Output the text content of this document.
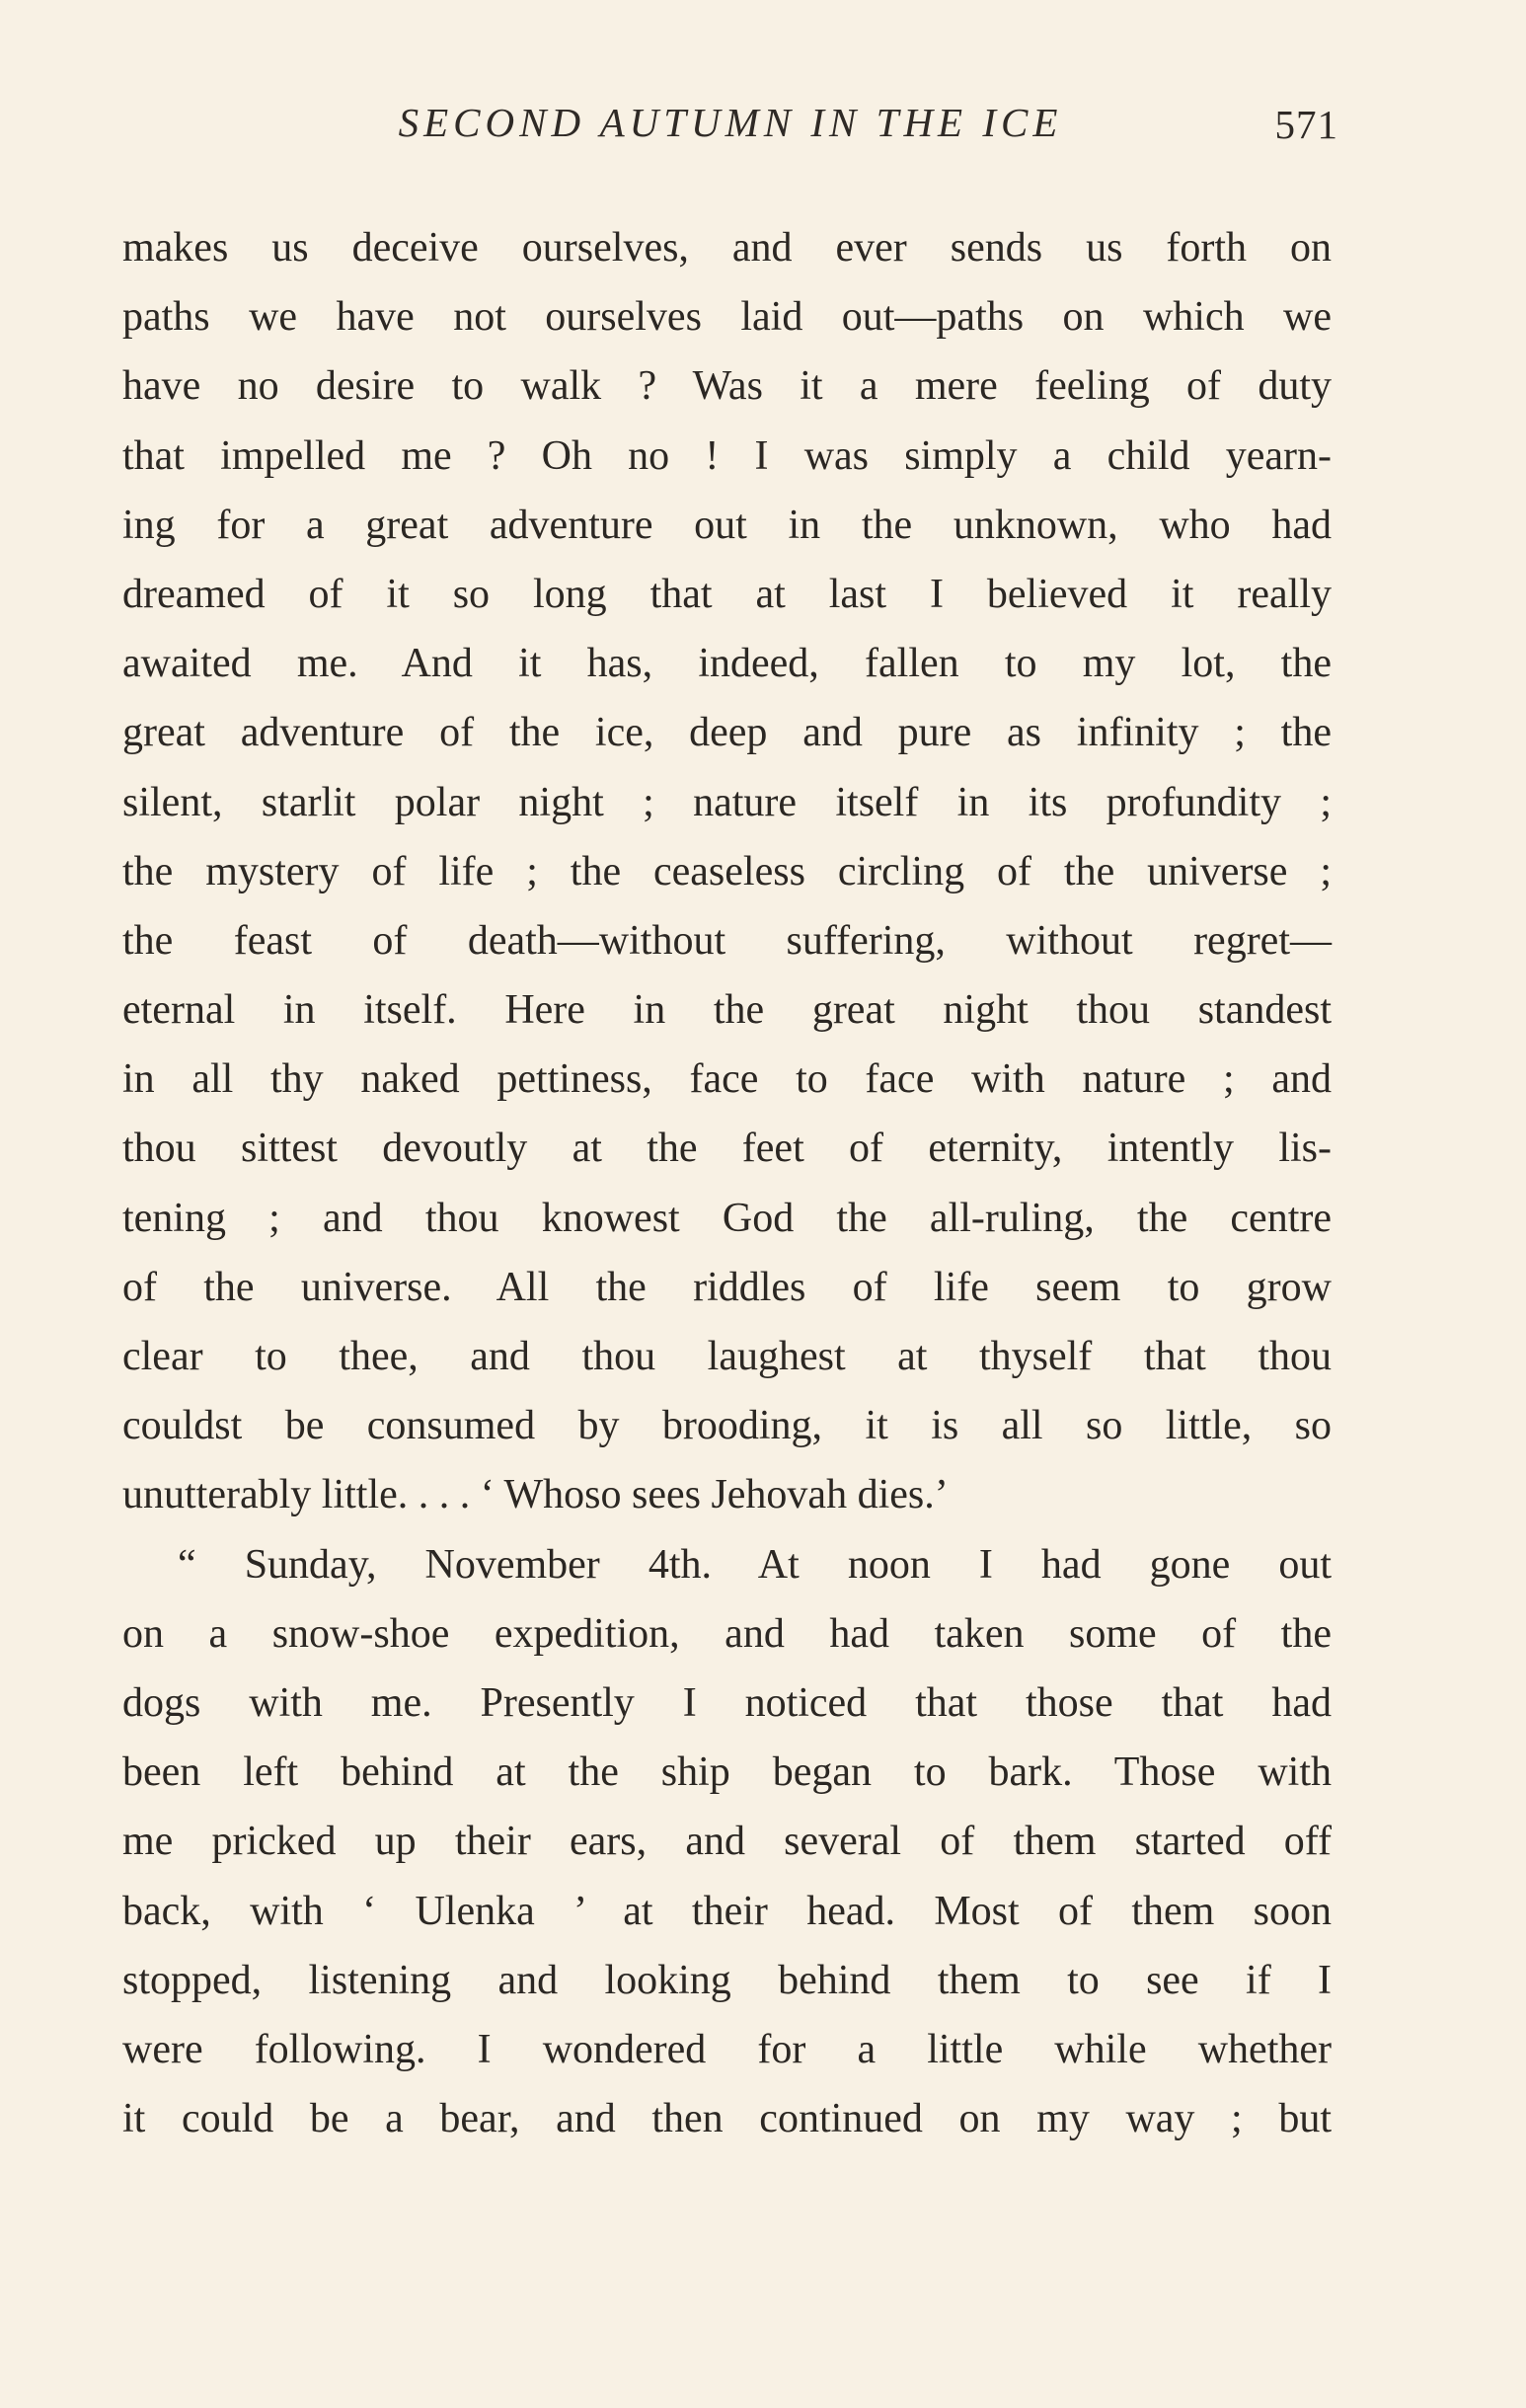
SECOND AUTUMN IN THE ICE	571
makes us deceive ourselves, and ever sends us forth on
paths we have not ourselves laid out—paths on which we
have no desire to walk ? Was it a mere feeling of duty
that impelled me ? Oh no ! I was simply a child yearn-
ing for a great adventure out in the unknown, who had
dreamed of it so long that at last I believed it really
awaited me. And it has, indeed, fallen to my lot, the
great adventure of the ice, deep and pure as infinity ; the
silent, starlit polar night ; nature itself in its profundity ;
the mystery of life ; the ceaseless circling of the universe ;
the feast of death—without suffering, without regret—
eternal in itself. Here in the great night thou standest
in all thy naked pettiness, face to face with nature ; and
thou sittest devoutly at the feet of eternity, intently lis-
tening ; and thou knowest God the all-ruling, the centre
of the universe. All the riddles of life seem to grow
clear to thee, and thou laughest at thyself that thou
couldst be consumed by brooding, it is all so little, so
unutterably little. . . . ‘ Whoso sees Jehovah dies.’
“ Sunday, November 4th. At noon I had gone out
on a snow-shoe expedition, and had taken some of the
dogs with me. Presently I noticed that those that had
been left behind at the ship began to bark. Those with
me pricked up their ears, and several of them started off
back, with ‘ Ulenka ’ at their head. Most of them soon
stopped, listening and looking behind them to see if I
were following. I wondered for a little while whether
it could be a bear, and then continued on my way ; but
